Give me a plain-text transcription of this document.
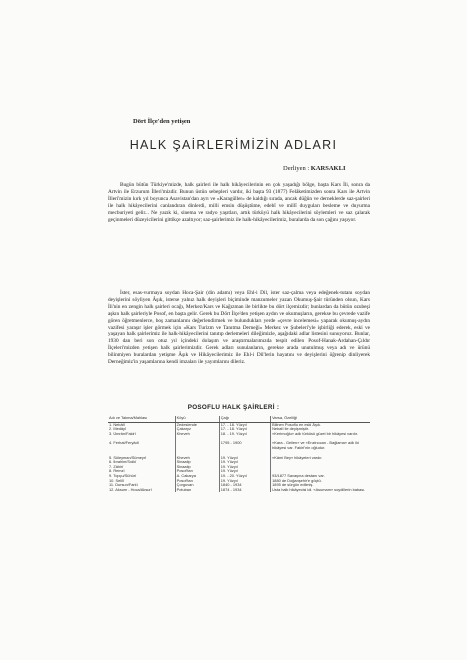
Dört İlçe'den yetişen
HALK ŞAİRLERİMİZİN ADLARI
Derliyen : KARSAKLI

Bugün bütün Türkiye'mizde, halk şairleri ile halk hikâyecilerinin en çok yaşadığı bölge, başta Kars İli, sonra da Artvin ile Erzurum İlleri'mizdir. Bunun üstün sebepleri vardır, iki başta 93 (1877) Felâketimizden sonra Kars ile Artvin İlleri'mizin kırk yıl boyunca Asavistan'dan ayrı ve «Karagüller» de kaldığı sırada, ancak düğün ve derneklerde saz-şairleri ile halk hikâyecilerini canlandıran dinlerdi, milli emsin düşüştüme, edebî ve millî duyguları besleme ve duyurma mecburiyeti gelir... Ne yazık ki, sinema ve radyo yaşıtları, artık türküyü halk hikâyecilerini söylemleri ve saz çalarak geçinmeleri düzeyicilerini gittikçe azaltıyor; saz-şairlerimiz ile halk-hikâyecilerimiz, buralarda da son çağını yaşıyor.

İster, esas-vurmaya soydan Hoca-Şair (din adamı) veya Ehl-i Dil, ister saz-çalma veya edeğenek-tutanı soydan deyişlerini söyliyen Âşık, isterse yalnız halk deyişleri biçiminde manzumeler yazan Okumuş-Şair türünden olsun, Kars İli'nin en zengin halk şairleri ocağı, Merkez/Kars ve Kağızman ile birlikte bu dört ilçemizdir; bunlardan da bütün ozubeşi aşkın halk şairleriyle Posof, en başta gelir. Gerek bu Dört İlçe'den yetişen aydın ve okumuşların, gerekse bu çevrede vazife gören öğretmenlerce, boş zamanlarını değerlendirmek ve bulundukları yerde «çevre incelemesi» yaparak okumuş-aydın vazifesi yaraşır işler görmek için «Kars Turizm ve Tanıtma Derneği» Merkez ve Şubeleri'yle işbirliği ederek, eski ve yaşayan halk şairlerimiz ile halk-hikâyecilerini tanıtıp derlemeleri dileğimizle, aşağıdaki adlar listesini sunuyoruz. Bunlar, 1930 dan beri son otuz yıl içindeki dolaşım ve araştırmalarımızda tespit edilen Posof-Hanak-Ardahan-Çıldır İlçeleri'mizden yetişen halk şairlerimizdir. Gerek adları sunulanların, gerekse arada unutulmuş veya adı ve ürünü bilinmiyen buralardan yetişme Âşık ve Hikâyecilerimiz ile Ehl-i Dil'lerin hayatını ve deyişlerini öğrenip dinliyerek Derneğimiz'in yaşamlarına kendi imzaları ile yayımlarını dileriz.

POSOFLU HALK ŞAİRLERİ :
Adı ve Takma/Mahlası	Köyü	Çağı	Varsa, Özelliği
1. Nebâtî	Zedeslende	17. - 18. Yüzyıl	Bilinen Posoflu en eski Âşık.
2. Medâyî	Çakaryz	17. - 18. Yüzyıl	Nebatî ile deyişmiştir.
3. Ümrân/Fakirî	Kheveh	18. - 19. Yüzyıl	«Kerimoğlu» adlı türküsü güzel bir hikâyesi vardır.

4. Ferhat/Feryâdî		1795 - 1900	«Kara - Gelien» ve «Enzinocan - Bağlama» adlı iki hikâyesi var. Fakirî'nin oğludur.

5. Süleyman/Sümeyrî	Kheveh	19. Yüzyıl	«Kâmi Bey» hikâyeleri vardır.
6. İbrahim/Sıdkî	Sinaatip	19. Yüzyıl	
7. Zâhirî	Sinaatip	19. Yüzyıl	
8. Remzî	Posof'tan	19. Yüzyıl	
9. Topçu/Sühûrî	A. Cakarya	19. - 20. Yüzyıl	93/1877 Savaşına destanı var.
10. Selîlî	Posof'tan	19. Yüzyıl	1880 de Doğanşehir'e göçtü.
11. Dursun/Farkî	Çorguvan	1840 - 1934	1895 de sürgün edilmiş.
12. Aksum - Hoca/Aksurî	Potuban	1874 - 1934	Usta halk hikâyecisi idi. «Asumam» soydillerin babası.
